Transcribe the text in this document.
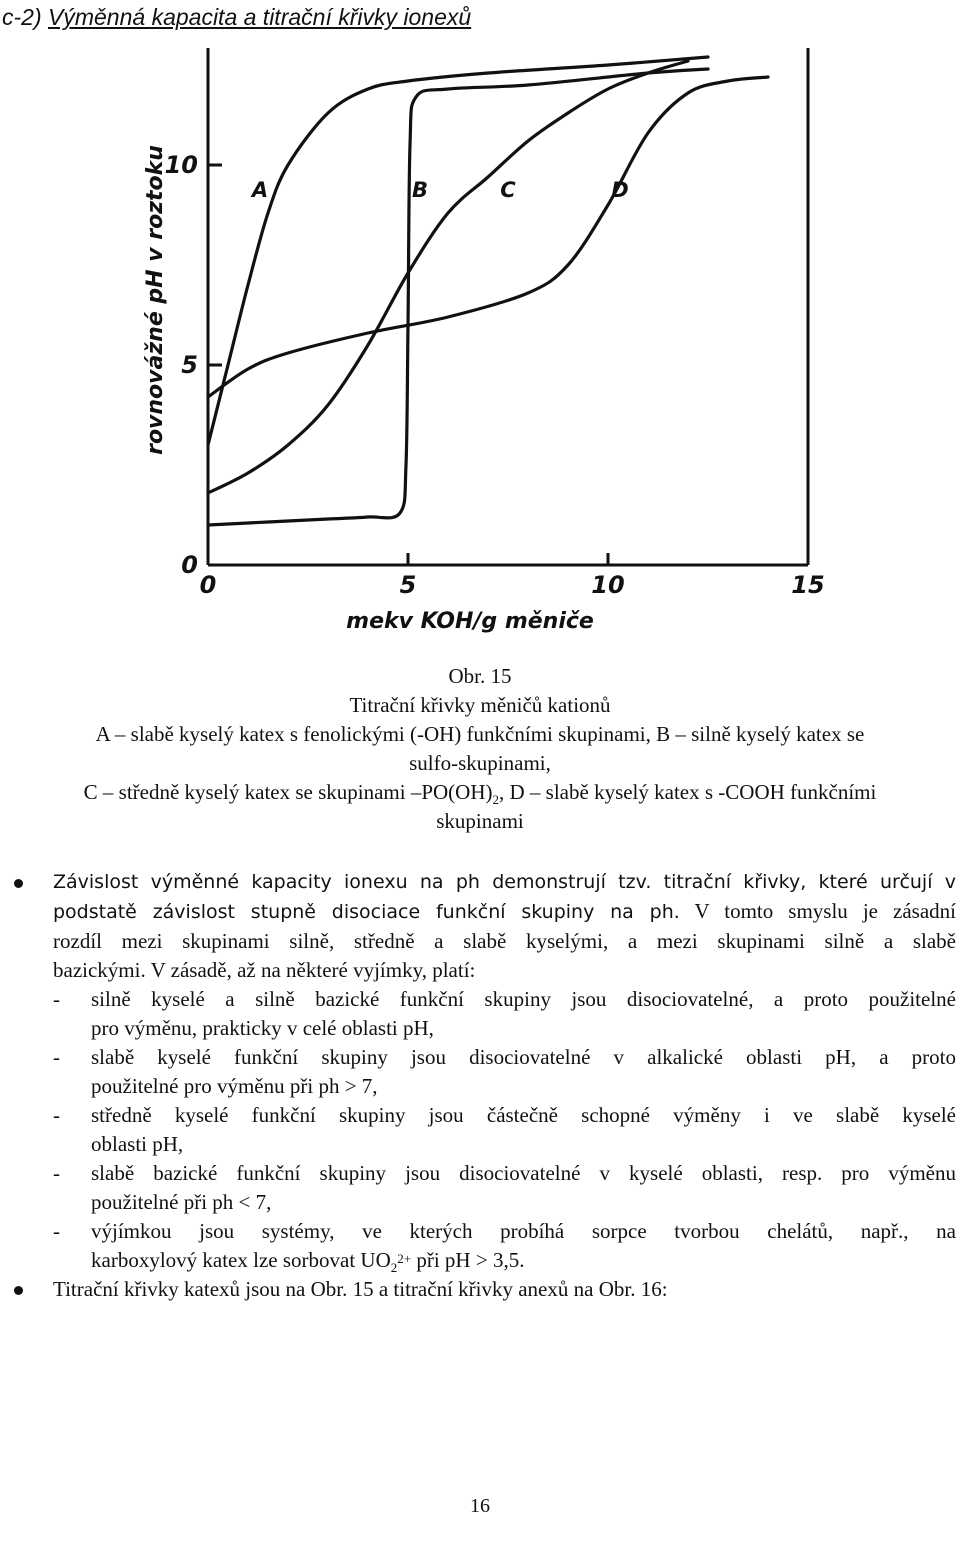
c-2) Výměnná kapacita a titrační křivky ionexů
A	B	C	D
0	5	10	15
0
5
10
rovnovážné pH v roztoku
mekv KOH/g měniče
Obr. 15
Titrační křivky měničů kationů
A – slabě kyselý katex s fenolickými (-OH) funkčními skupinami, B – silně kyselý katex se
sulfo-skupinami,
C – středně kyselý katex se skupinami $-PO(OH)_2$, D – slabě kyselý katex s -COOH funkčními
skupinami
Závislost výměnné kapacity ionexu na ph demonstrují tzv. titrační křivky, které určují v
podstatě závislost stupně disociace funkční skupiny na ph. V tomto smyslu je zásadní
rozdíl mezi skupinami silně, středně a slabě kyselými, a mezi skupinami silně a slabě
bazickými. V zásadě, až na některé vyjímky, platí:
- silně kyselé a silně bazické funkční skupiny jsou disociovatelné, a proto použitelné
pro výměnu, prakticky v celé oblasti pH,
- slabě kyselé funkční skupiny jsou disociovatelné v alkalické oblasti pH, a proto
použitelné pro výměnu při ph > 7,
- středně kyselé funkční skupiny jsou částečně schopné výměny i ve slabě kyselé
oblasti pH,
- slabě bazické funkční skupiny jsou disociovatelné v kyselé oblasti, resp. pro výměnu
použitelné při ph < 7,
- výjímkou jsou systémy, ve kterých probíhá sorpce tvorbou chelátů, např., na
karboxylový katex lze sorbovat $UO_2^{2+}$ při pH > 3,5.
Titrační křivky katexů jsou na Obr. 15 a titrační křivky anexů na Obr. 16:
16
